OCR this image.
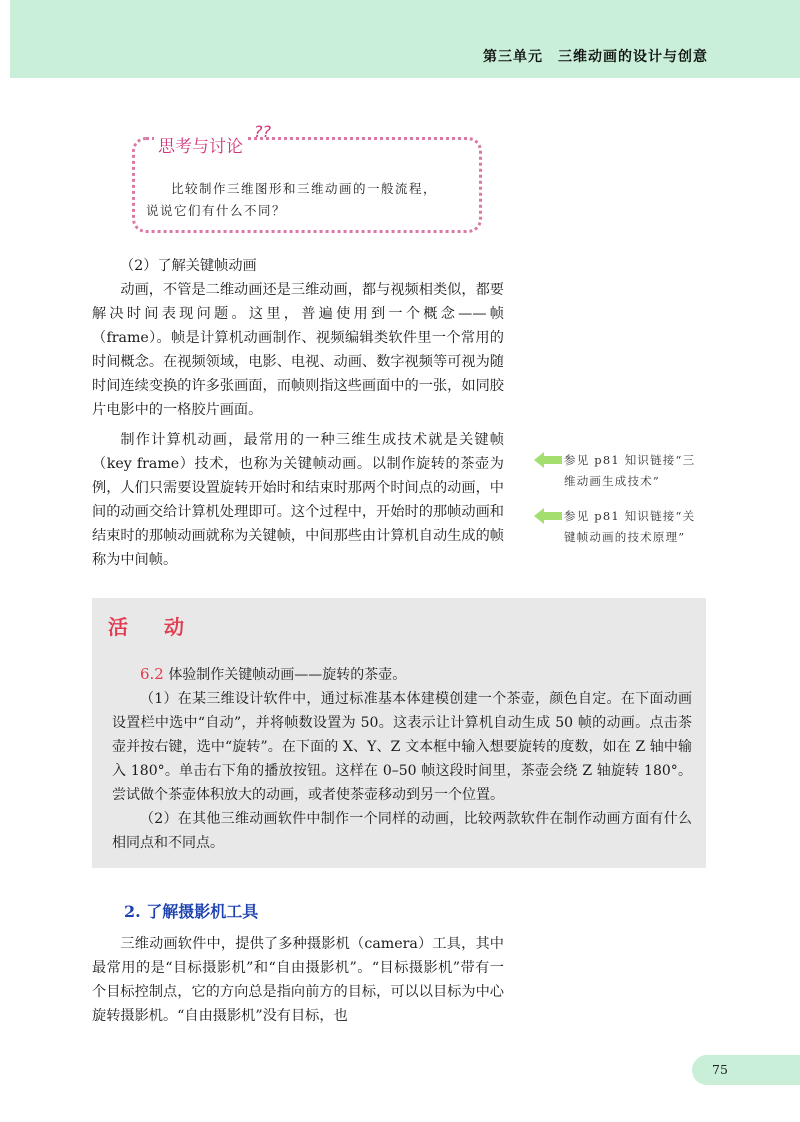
第三单元　三维动画的设计与创意
思考与讨论
??

比较制作三维图形和三维动画的一般流程，

说说它们有什么不同？

（2）了解关键帧动画

动画，不管是二维动画还是三维动画，都与视频相类似，都要解决时间表现问题。这里，普遍使用到一个概念——帧（frame）。帧是计算机动画制作、视频编辑类软件里一个常用的时间概念。在视频领域，电影、电视、动画、数字视频等可视为随时间连续变换的许多张画面，而帧则指这些画面中的一张，如同胶片电影中的一格胶片画面。

制作计算机动画，最常用的一种三维生成技术就是关键帧（key frame）技术，也称为关键帧动画。以制作旋转的茶壶为例，人们只需要设置旋转开始时和结束时那两个时间点的动画，中间的动画交给计算机处理即可。这个过程中，开始时的那帧动画和结束时的那帧动画就称为关键帧，中间那些由计算机自动生成的帧称为中间帧。

参见 p81 知识链接“三
维动画生成技术”
参见 p81 知识链接“关
键帧动画的技术原理”
活　动

6.2 体验制作关键帧动画——旋转的茶壶。

（1）在某三维设计软件中，通过标准基本体建模创建一个茶壶，颜色自定。在下面动画设置栏中选中“自动”，并将帧数设置为 50。这表示让计算机自动生成 50 帧的动画。点击茶壶并按右键，选中“旋转”。在下面的 X、Y、Z 文本框中输入想要旋转的度数，如在 Z 轴中输入 180°。单击右下角的播放按钮。这样在 0–50 帧这段时间里，茶壶会绕 Z 轴旋转 180°。尝试做个茶壶体积放大的动画，或者使茶壶移动到另一个位置。

（2）在其他三维动画软件中制作一个同样的动画，比较两款软件在制作动画方面有什么相同点和不同点。

2. 了解摄影机工具

三维动画软件中，提供了多种摄影机（camera）工具，其中最常用的是“目标摄影机”和“自由摄影机”。“目标摄影机”带有一个目标控制点，它的方向总是指向前方的目标，可以以目标为中心旋转摄影机。“自由摄影机”没有目标，也

75
